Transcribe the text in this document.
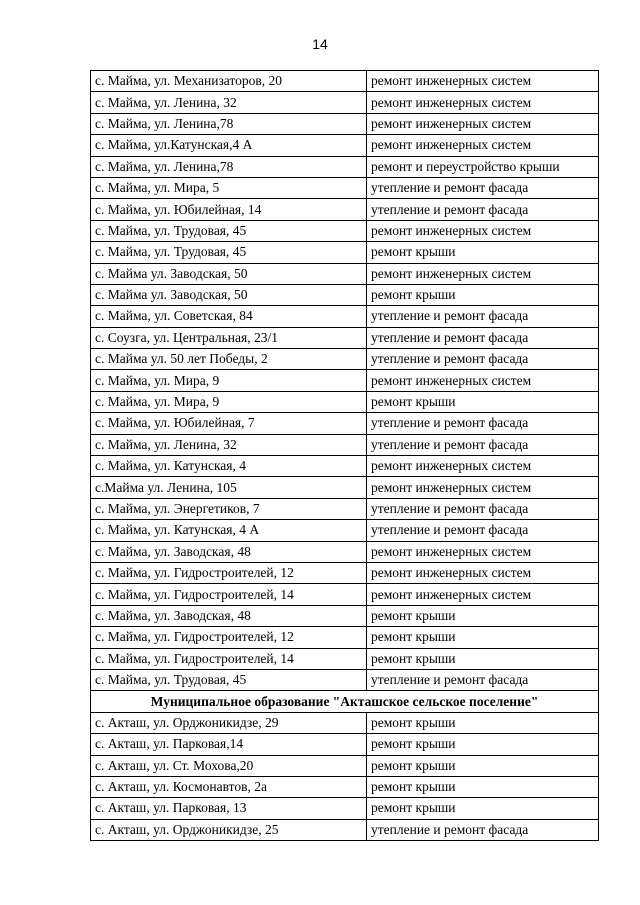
14
с. Майма, ул. Механизаторов, 20	ремонт инженерных систем
с. Майма, ул. Ленина, 32	ремонт инженерных систем
с. Майма, ул. Ленина,78	ремонт инженерных систем
с. Майма, ул.Катунская,4 А	ремонт инженерных систем
с. Майма, ул. Ленина,78	ремонт и переустройство крыши
с. Майма, ул. Мира, 5	утепление и ремонт фасада
с. Майма, ул. Юбилейная, 14	утепление и ремонт фасада
с. Майма, ул. Трудовая, 45	ремонт инженерных систем
с. Майма, ул. Трудовая, 45	ремонт крыши
с. Майма ул. Заводская, 50	ремонт инженерных систем
с. Майма ул. Заводская, 50	ремонт крыши
с. Майма, ул. Советская, 84	утепление и ремонт фасада
с. Соузга, ул. Центральная, 23/1	утепление и ремонт фасада
с. Майма ул. 50 лет Победы, 2	утепление и ремонт фасада
с. Майма, ул. Мира, 9	ремонт инженерных систем
с. Майма, ул. Мира, 9	ремонт крыши
с. Майма, ул. Юбилейная, 7	утепление и ремонт фасада
с. Майма, ул. Ленина, 32	утепление и ремонт фасада
с. Майма, ул. Катунская, 4	ремонт инженерных систем
с.Майма ул. Ленина, 105	ремонт инженерных систем
с. Майма, ул. Энергетиков, 7	утепление и ремонт фасада
с. Майма, ул. Катунская, 4 А	утепление и ремонт фасада
с. Майма, ул. Заводская, 48	ремонт инженерных систем
с. Майма, ул. Гидростроителей, 12	ремонт инженерных систем
с. Майма, ул. Гидростроителей, 14	ремонт инженерных систем
с. Майма, ул. Заводская, 48	ремонт крыши
с. Майма, ул. Гидростроителей, 12	ремонт крыши
с. Майма, ул. Гидростроителей, 14	ремонт крыши
с. Майма, ул. Трудовая, 45	утепление и ремонт фасада
Муниципальное образование "Акташское сельское поселение"	
с. Акташ, ул. Орджоникидзе, 29	ремонт крыши
с. Акташ, ул. Парковая,14	ремонт крыши
с. Акташ, ул. Ст. Мохова,20	ремонт крыши
с. Акташ, ул. Космонавтов, 2а	ремонт крыши
с. Акташ, ул. Парковая, 13	ремонт крыши
с. Акташ, ул. Орджоникидзе, 25	утепление и ремонт фасада
